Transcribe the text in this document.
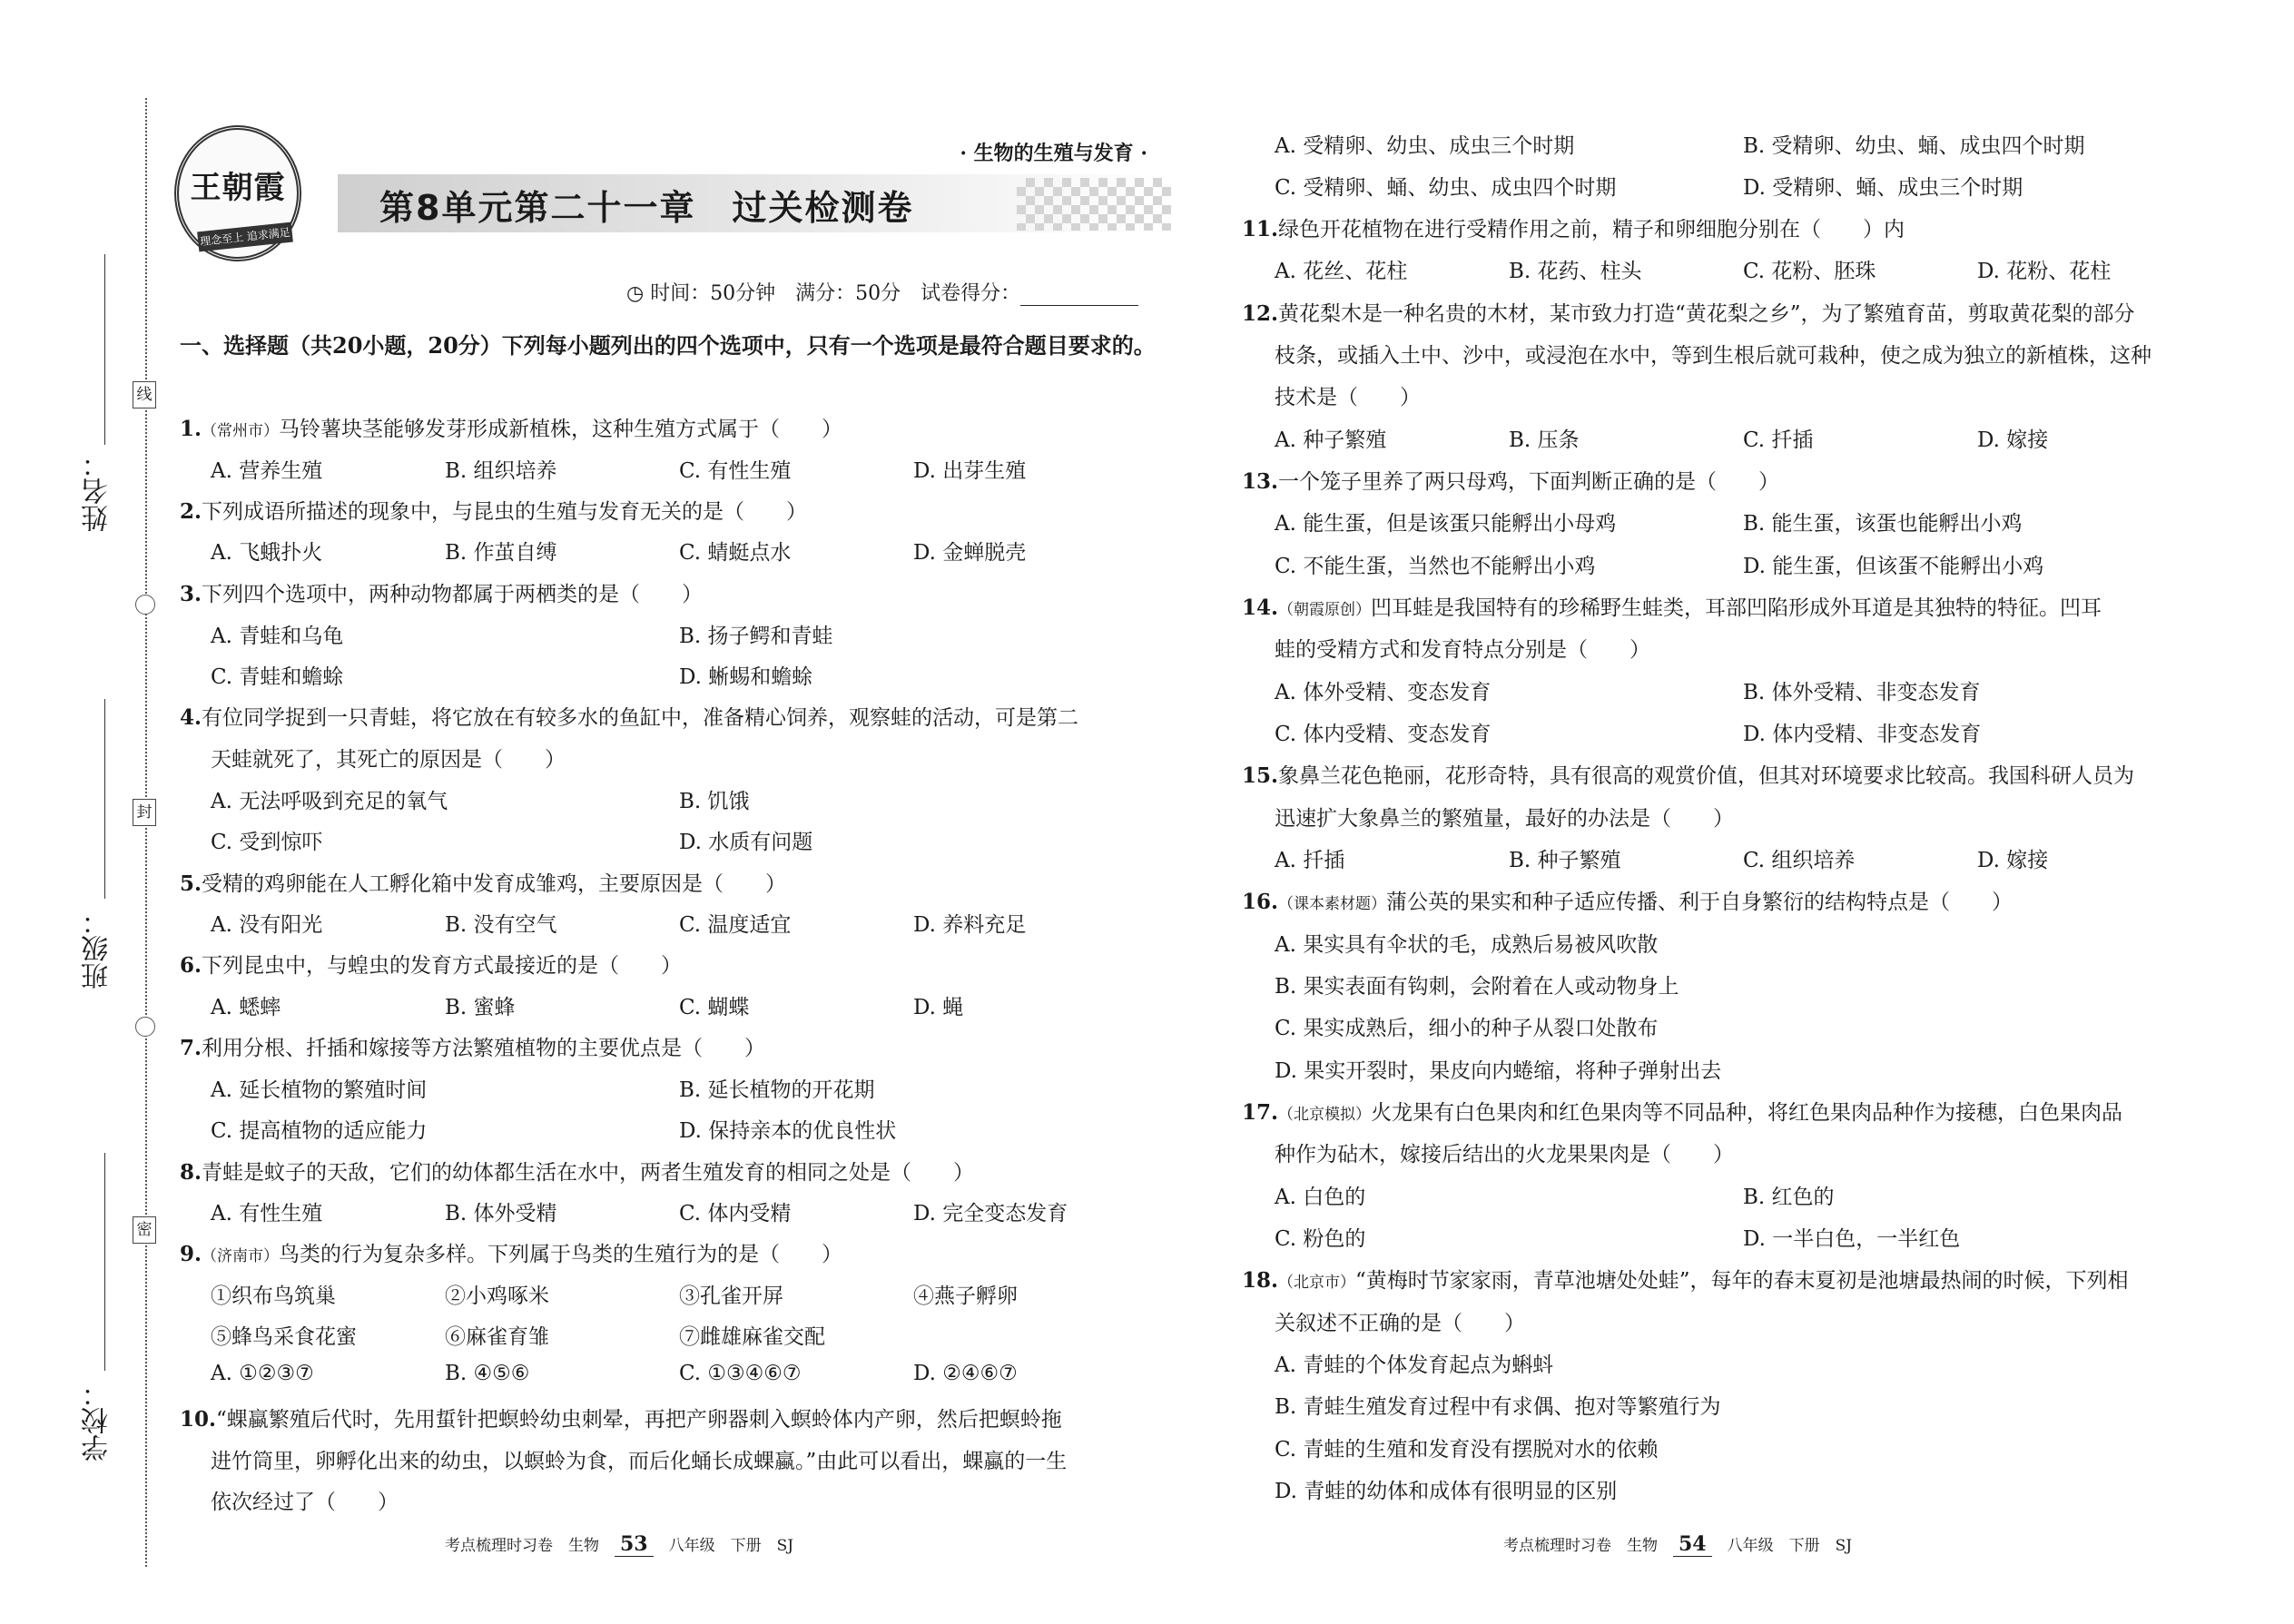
姓名：
班级：
学校：
线
封
密
王朝霞
理念至上 追求满足
· 生物的生殖与发育 ·
第8单元第二十一章　过关检测卷
◷ 时间：50分钟　满分：50分　试卷得分：
一、选择题（共20小题，20分）下列每小题列出的四个选项中，只有一个选项是最符合题目要求的。
1.（常州市）马铃薯块茎能够发芽形成新植株，这种生殖方式属于（　　）
A. 营养生殖	B. 组织培养	C. 有性生殖	D. 出芽生殖
2.下列成语所描述的现象中，与昆虫的生殖与发育无关的是（　　）
A. 飞蛾扑火	B. 作茧自缚	C. 蜻蜓点水	D. 金蝉脱壳
3.下列四个选项中，两种动物都属于两栖类的是（　　）
A. 青蛙和乌龟	B. 扬子鳄和青蛙
C. 青蛙和蟾蜍	D. 蜥蜴和蟾蜍
4.有位同学捉到一只青蛙，将它放在有较多水的鱼缸中，准备精心饲养，观察蛙的活动，可是第二
天蛙就死了，其死亡的原因是（　　）
A. 无法呼吸到充足的氧气	B. 饥饿
C. 受到惊吓	D. 水质有问题
5.受精的鸡卵能在人工孵化箱中发育成雏鸡，主要原因是（　　）
A. 没有阳光	B. 没有空气	C. 温度适宜	D. 养料充足
6.下列昆虫中，与蝗虫的发育方式最接近的是（　　）
A. 蟋蟀	B. 蜜蜂	C. 蝴蝶	D. 蝇
7.利用分根、扦插和嫁接等方法繁殖植物的主要优点是（　　）
A. 延长植物的繁殖时间	B. 延长植物的开花期
C. 提高植物的适应能力	D. 保持亲本的优良性状
8.青蛙是蚊子的天敌，它们的幼体都生活在水中，两者生殖发育的相同之处是（　　）
A. 有性生殖	B. 体外受精	C. 体内受精	D. 完全变态发育
9.（济南市）鸟类的行为复杂多样。下列属于鸟类的生殖行为的是（　　）
①织布鸟筑巢	②小鸡啄米	③孔雀开屏	④燕子孵卵
⑤蜂鸟采食花蜜	⑥麻雀育雏	⑦雌雄麻雀交配
A. ①②③⑦	B. ④⑤⑥	C. ①③④⑥⑦	D. ②④⑥⑦
10.“蜾蠃繁殖后代时，先用蜇针把螟蛉幼虫刺晕，再把产卵器刺入螟蛉体内产卵，然后把螟蛉拖
进竹筒里，卵孵化出来的幼虫，以螟蛉为食，而后化蛹长成蜾蠃。”由此可以看出，蜾蠃的一生
依次经过了（　　）
考点梳理时习卷　生物　 53　 八年级　下册　SJ
A. 受精卵、幼虫、成虫三个时期	B. 受精卵、幼虫、蛹、成虫四个时期
C. 受精卵、蛹、幼虫、成虫四个时期	D. 受精卵、蛹、成虫三个时期
11.绿色开花植物在进行受精作用之前，精子和卵细胞分别在（　　）内
A. 花丝、花柱	B. 花药、柱头	C. 花粉、胚珠	D. 花粉、花柱
12.黄花梨木是一种名贵的木材，某市致力打造“黄花梨之乡”，为了繁殖育苗，剪取黄花梨的部分
枝条，或插入土中、沙中，或浸泡在水中，等到生根后就可栽种，使之成为独立的新植株，这种
技术是（　　）
A. 种子繁殖	B. 压条	C. 扦插	D. 嫁接
13.一个笼子里养了两只母鸡，下面判断正确的是（　　）
A. 能生蛋，但是该蛋只能孵出小母鸡	B. 能生蛋，该蛋也能孵出小鸡
C. 不能生蛋，当然也不能孵出小鸡	D. 能生蛋，但该蛋不能孵出小鸡
14.（朝霞原创）凹耳蛙是我国特有的珍稀野生蛙类，耳部凹陷形成外耳道是其独特的特征。凹耳
蛙的受精方式和发育特点分别是（　　）
A. 体外受精、变态发育	B. 体外受精、非变态发育
C. 体内受精、变态发育	D. 体内受精、非变态发育
15.象鼻兰花色艳丽，花形奇特，具有很高的观赏价值，但其对环境要求比较高。我国科研人员为
迅速扩大象鼻兰的繁殖量，最好的办法是（　　）
A. 扦插	B. 种子繁殖	C. 组织培养	D. 嫁接
16.（课本素材题）蒲公英的果实和种子适应传播、利于自身繁衍的结构特点是（　　）
A. 果实具有伞状的毛，成熟后易被风吹散
B. 果实表面有钩刺，会附着在人或动物身上
C. 果实成熟后，细小的种子从裂口处散布
D. 果实开裂时，果皮向内蜷缩，将种子弹射出去
17.（北京模拟）火龙果有白色果肉和红色果肉等不同品种，将红色果肉品种作为接穗，白色果肉品
种作为砧木，嫁接后结出的火龙果果肉是（　　）
A. 白色的	B. 红色的
C. 粉色的	D. 一半白色，一半红色
18.（北京市）“黄梅时节家家雨，青草池塘处处蛙”，每年的春末夏初是池塘最热闹的时候，下列相
关叙述不正确的是（　　）
A. 青蛙的个体发育起点为蝌蚪
B. 青蛙生殖发育过程中有求偶、抱对等繁殖行为
C. 青蛙的生殖和发育没有摆脱对水的依赖
D. 青蛙的幼体和成体有很明显的区别
考点梳理时习卷　生物　 54　 八年级　下册　SJ
